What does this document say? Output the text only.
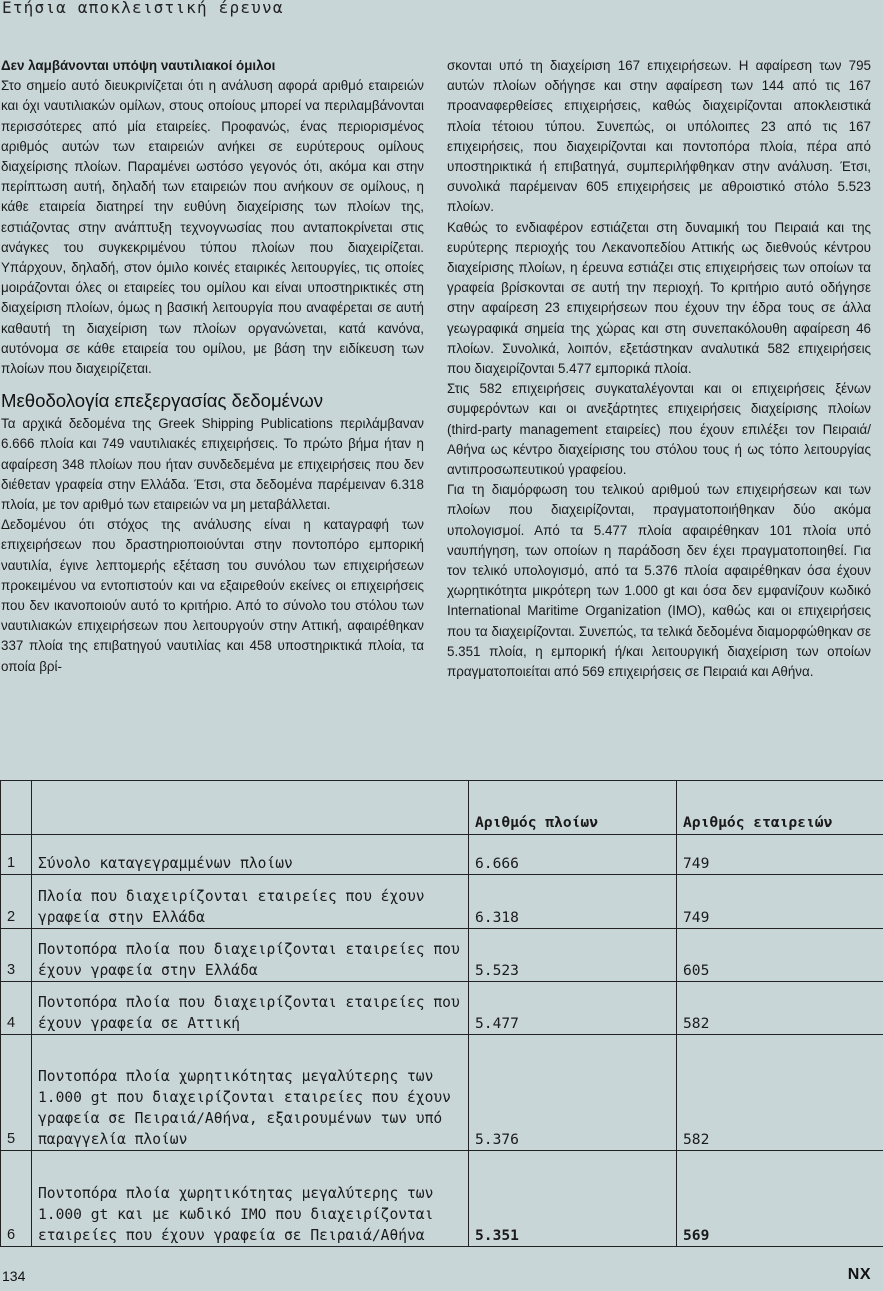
Ετήσια αποκλειστική έρευνα

Δεν λαμβάνονται υπόψη ναυτιλιακοί όμιλοι

Στο σημείο αυτό διευκρινίζεται ότι η ανάλυση αφορά αριθμό εταιρειών και όχι ναυτιλιακών ομίλων, στους οποίους μπορεί να περιλαμβάνονται περισσότερες από μία εταιρείες. Προφανώς, ένας περιορισμένος αριθμός αυτών των εταιρειών ανήκει σε ευρύτερους ομίλους διαχείρισης πλοίων. Παραμένει ωστόσο γεγονός ότι, ακόμα και στην περίπτωση αυτή, δηλαδή των εταιρειών που ανήκουν σε ομίλους, η κάθε εταιρεία διατηρεί την ευθύνη διαχείρισης των πλοίων της, εστιάζοντας στην ανάπτυξη τεχνογνωσίας που ανταποκρίνεται στις ανάγκες του συγκεκριμένου τύπου πλοίων που διαχειρίζεται. Υπάρχουν, δηλαδή, στον όμιλο κοινές εταιρικές λειτουργίες, τις οποίες μοιράζονται όλες οι εταιρείες του ομίλου και είναι υποστηρικτικές στη διαχείριση πλοίων, όμως η βασική λειτουργία που αναφέρεται σε αυτή καθαυτή τη διαχείριση των πλοίων οργανώνεται, κατά κανόνα, αυτόνομα σε κάθε εταιρεία του ομίλου, με βάση την ειδίκευση των πλοίων που διαχειρίζεται.

Μεθοδολογία επεξεργασίας δεδομένων

Τα αρχικά δεδομένα της Greek Shipping Publications περιλάμβαναν 6.666 πλοία και 749 ναυτιλιακές επιχειρήσεις. Το πρώτο βήμα ήταν η αφαίρεση 348 πλοίων που ήταν συνδεδεμένα με επιχειρήσεις που δεν διέθεταν γραφεία στην Ελλάδα. Έτσι, στα δεδομένα παρέμειναν 6.318 πλοία, με τον αριθμό των εταιρειών να μη μεταβάλλεται.

Δεδομένου ότι στόχος της ανάλυσης είναι η καταγραφή των επιχειρήσεων που δραστηριοποιούνται στην ποντοπόρο εμπορική ναυτιλία, έγινε λεπτομερής εξέταση του συνόλου των επιχειρήσεων προκειμένου να εντοπιστούν και να εξαιρεθούν εκείνες οι επιχειρήσεις που δεν ικανοποιούν αυτό το κριτήριο. Από το σύνολο του στόλου των ναυτιλιακών επιχειρήσεων που λειτουργούν στην Αττική, αφαιρέθηκαν 337 πλοία της επιβατηγού ναυτιλίας και 458 υποστηρικτικά πλοία, τα οποία βρί-

σκονται υπό τη διαχείριση 167 επιχειρήσεων. Η αφαίρεση των 795 αυτών πλοίων οδήγησε και στην αφαίρεση των 144 από τις 167 προαναφερθείσες επιχειρήσεις, καθώς διαχειρίζονται αποκλειστικά πλοία τέτοιου τύπου. Συνεπώς, οι υπόλοιπες 23 από τις 167 επιχειρήσεις, που διαχειρίζονται και ποντοπόρα πλοία, πέρα από υποστηρικτικά ή επιβατηγά, συμπεριλήφθηκαν στην ανάλυση. Έτσι, συνολικά παρέμειναν 605 επιχειρήσεις με αθροιστικό στόλο 5.523 πλοίων.

Καθώς το ενδιαφέρον εστιάζεται στη δυναμική του Πειραιά και της ευρύτερης περιοχής του Λεκανοπεδίου Αττικής ως διεθνούς κέντρου διαχείρισης πλοίων, η έρευνα εστιάζει στις επιχειρήσεις των οποίων τα γραφεία βρίσκονται σε αυτή την περιοχή. Το κριτήριο αυτό οδήγησε στην αφαίρεση 23 επιχειρήσεων που έχουν την έδρα τους σε άλλα γεωγραφικά σημεία της χώρας και στη συνεπακόλουθη αφαίρεση 46 πλοίων. Συνολικά, λοιπόν, εξετάστηκαν αναλυτικά 582 επιχειρήσεις που διαχειρίζονται 5.477 εμπορικά πλοία.

Στις 582 επιχειρήσεις συγκαταλέγονται και οι επιχειρήσεις ξένων συμφερόντων και οι ανεξάρτητες επιχειρήσεις διαχείρισης πλοίων (third-party management εταιρείες) που έχουν επιλέξει τον Πειραιά/Αθήνα ως κέντρο διαχείρισης του στόλου τους ή ως τόπο λειτουργίας αντιπροσωπευτικού γραφείου.

Για τη διαμόρφωση του τελικού αριθμού των επιχειρήσεων και των πλοίων που διαχειρίζονται, πραγματοποιήθηκαν δύο ακόμα υπολογισμοί. Από τα 5.477 πλοία αφαιρέθηκαν 101 πλοία υπό ναυπήγηση, των οποίων η παράδοση δεν έχει πραγματοποιηθεί. Για τον τελικό υπολογισμό, από τα 5.376 πλοία αφαιρέθηκαν όσα έχουν χωρητικότητα μικρότερη των 1.000 gt και όσα δεν εμφανίζουν κωδικό International Maritime Organization (IMO), καθώς και οι επιχειρήσεις που τα διαχειρίζονται. Συνεπώς, τα τελικά δεδομένα διαμορφώθηκαν σε 5.351 πλοία, η εμπορική ή/και λειτουργική διαχείριση των οποίων πραγματοποιείται από 569 επιχειρήσεις σε Πειραιά και Αθήνα.

		Αριθμός πλοίων	Αριθμός εταιρειών
1	Σύνολο καταγεγραμμένων πλοίων	6.666	749
2	Πλοία που διαχειρίζονται εταιρείες που έχουν γραφεία στην Ελλάδα	6.318	749
3	Ποντοπόρα πλοία που διαχειρίζονται εταιρείες που έχουν γραφεία στην Ελλάδα	5.523	605
4	Ποντοπόρα πλοία που διαχειρίζονται εταιρείες που έχουν γραφεία σε Αττική	5.477	582
5	Ποντοπόρα πλοία χωρητικότητας μεγαλύτερης των 1.000 gt που διαχειρίζονται εταιρείες που έχουν γραφεία σε Πειραιά/Αθήνα, εξαιρουμένων των υπό παραγγελία πλοίων	5.376	582
6	Ποντοπόρα πλοία χωρητικότητας μεγαλύτερης των 1.000 gt και με κωδικό IMO που διαχειρίζονται εταιρείες που έχουν γραφεία σε Πειραιά/Αθήνα	5.351	569
134	NX
